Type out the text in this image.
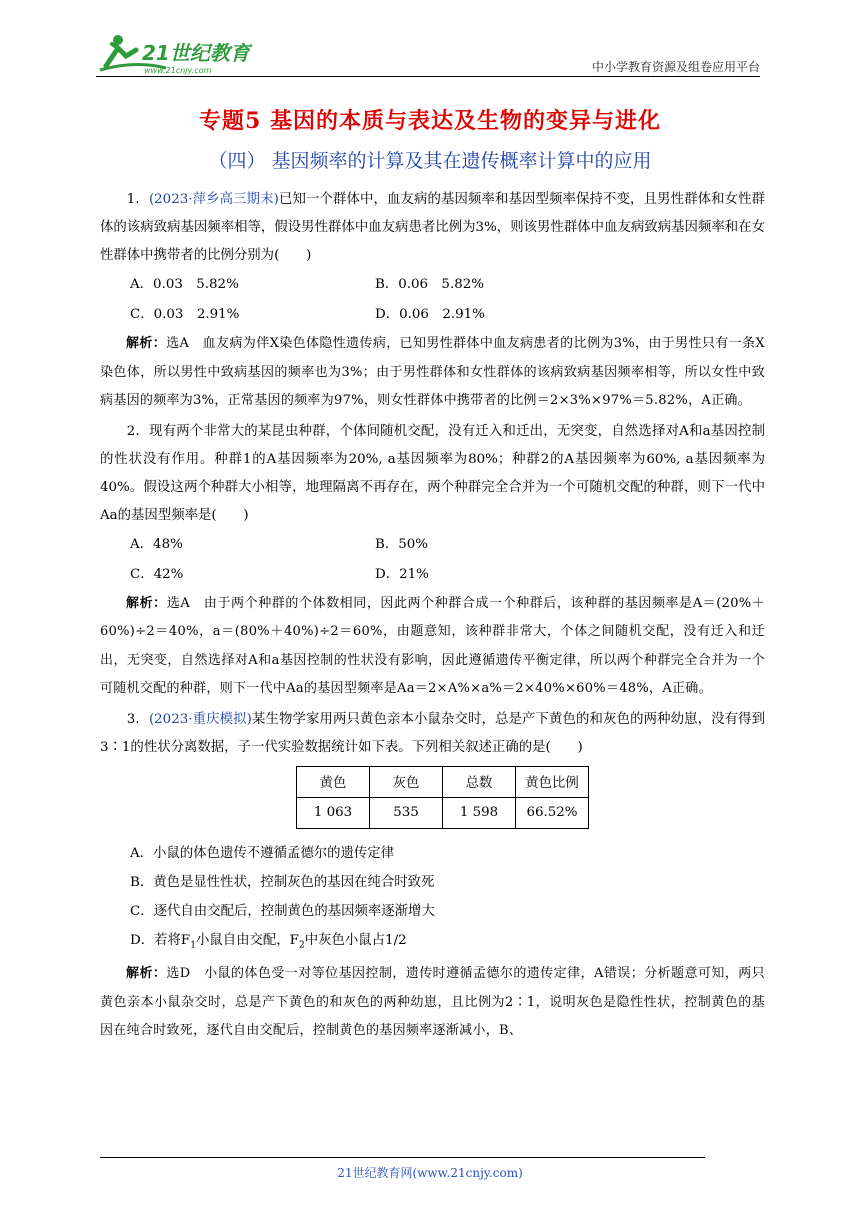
21世纪教育
www.21cnjy.com	中小学教育资源及组卷应用平台
专题5 基因的本质与表达及生物的变异与进化
（四） 基因频率的计算及其在遗传概率计算中的应用

1．(2023·萍乡高三期末)已知一个群体中，血友病的基因频率和基因型频率保持不变，且男性群体和女性群体的该病致病基因频率相等，假设男性群体中血友病患者比例为3%，则该男性群体中血友病致病基因频率和在女性群体中携带者的比例分别为(　　)

A．0.03　5.82%	B．0.06　5.82%
C．0.03　2.91%	D．0.06　2.91%

解析：选A　血友病为伴X染色体隐性遗传病，已知男性群体中血友病患者的比例为3%，由于男性只有一条X染色体，所以男性中致病基因的频率也为3%；由于男性群体和女性群体的该病致病基因频率相等，所以女性中致病基因的频率为3%，正常基因的频率为97%，则女性群体中携带者的比例＝2×3%×97%＝5.82%，A正确。

2．现有两个非常大的某昆虫种群，个体间随机交配，没有迁入和迁出，无突变，自然选择对A和a基因控制的性状没有作用。种群1的A基因频率为20%, a基因频率为80%；种群2的A基因频率为60%, a基因频率为40%。假设这两个种群大小相等，地理隔离不再存在，两个种群完全合并为一个可随机交配的种群，则下一代中Aa的基因型频率是(　　)

A．48%	B．50%
C．42%	D．21%

解析：选A　由于两个种群的个体数相同，因此两个种群合成一个种群后，该种群的基因频率是A＝(20%＋60%)÷2＝40%，a＝(80%＋40%)÷2＝60%，由题意知，该种群非常大，个体之间随机交配，没有迁入和迁出，无突变，自然选择对A和a基因控制的性状没有影响，因此遵循遗传平衡定律，所以两个种群完全合并为一个可随机交配的种群，则下一代中Aa的基因型频率是Aa＝2×A%×a%＝2×40%×60%＝48%，A正确。

3．(2023·重庆模拟)某生物学家用两只黄色亲本小鼠杂交时，总是产下黄色的和灰色的两种幼崽，没有得到3∶1的性状分离数据，子一代实验数据统计如下表。下列相关叙述正确的是(　　)

黄色	灰色	总数	黄色比例
1 063	535	1 598	66.52%

A．小鼠的体色遗传不遵循孟德尔的遗传定律

B．黄色是显性性状，控制灰色的基因在纯合时致死

C．逐代自由交配后，控制黄色的基因频率逐渐增大

D．若将$F_1$小鼠自由交配，$F_2$中灰色小鼠占1/2

解析：选D　小鼠的体色受一对等位基因控制，遗传时遵循孟德尔的遗传定律，A错误；分析题意可知，两只黄色亲本小鼠杂交时，总是产下黄色的和灰色的两种幼崽，且比例为2∶1，说明灰色是隐性性状，控制黄色的基因在纯合时致死，逐代自由交配后，控制黄色的基因频率逐渐减小，B、

21世纪教育网(www.21cnjy.com)
